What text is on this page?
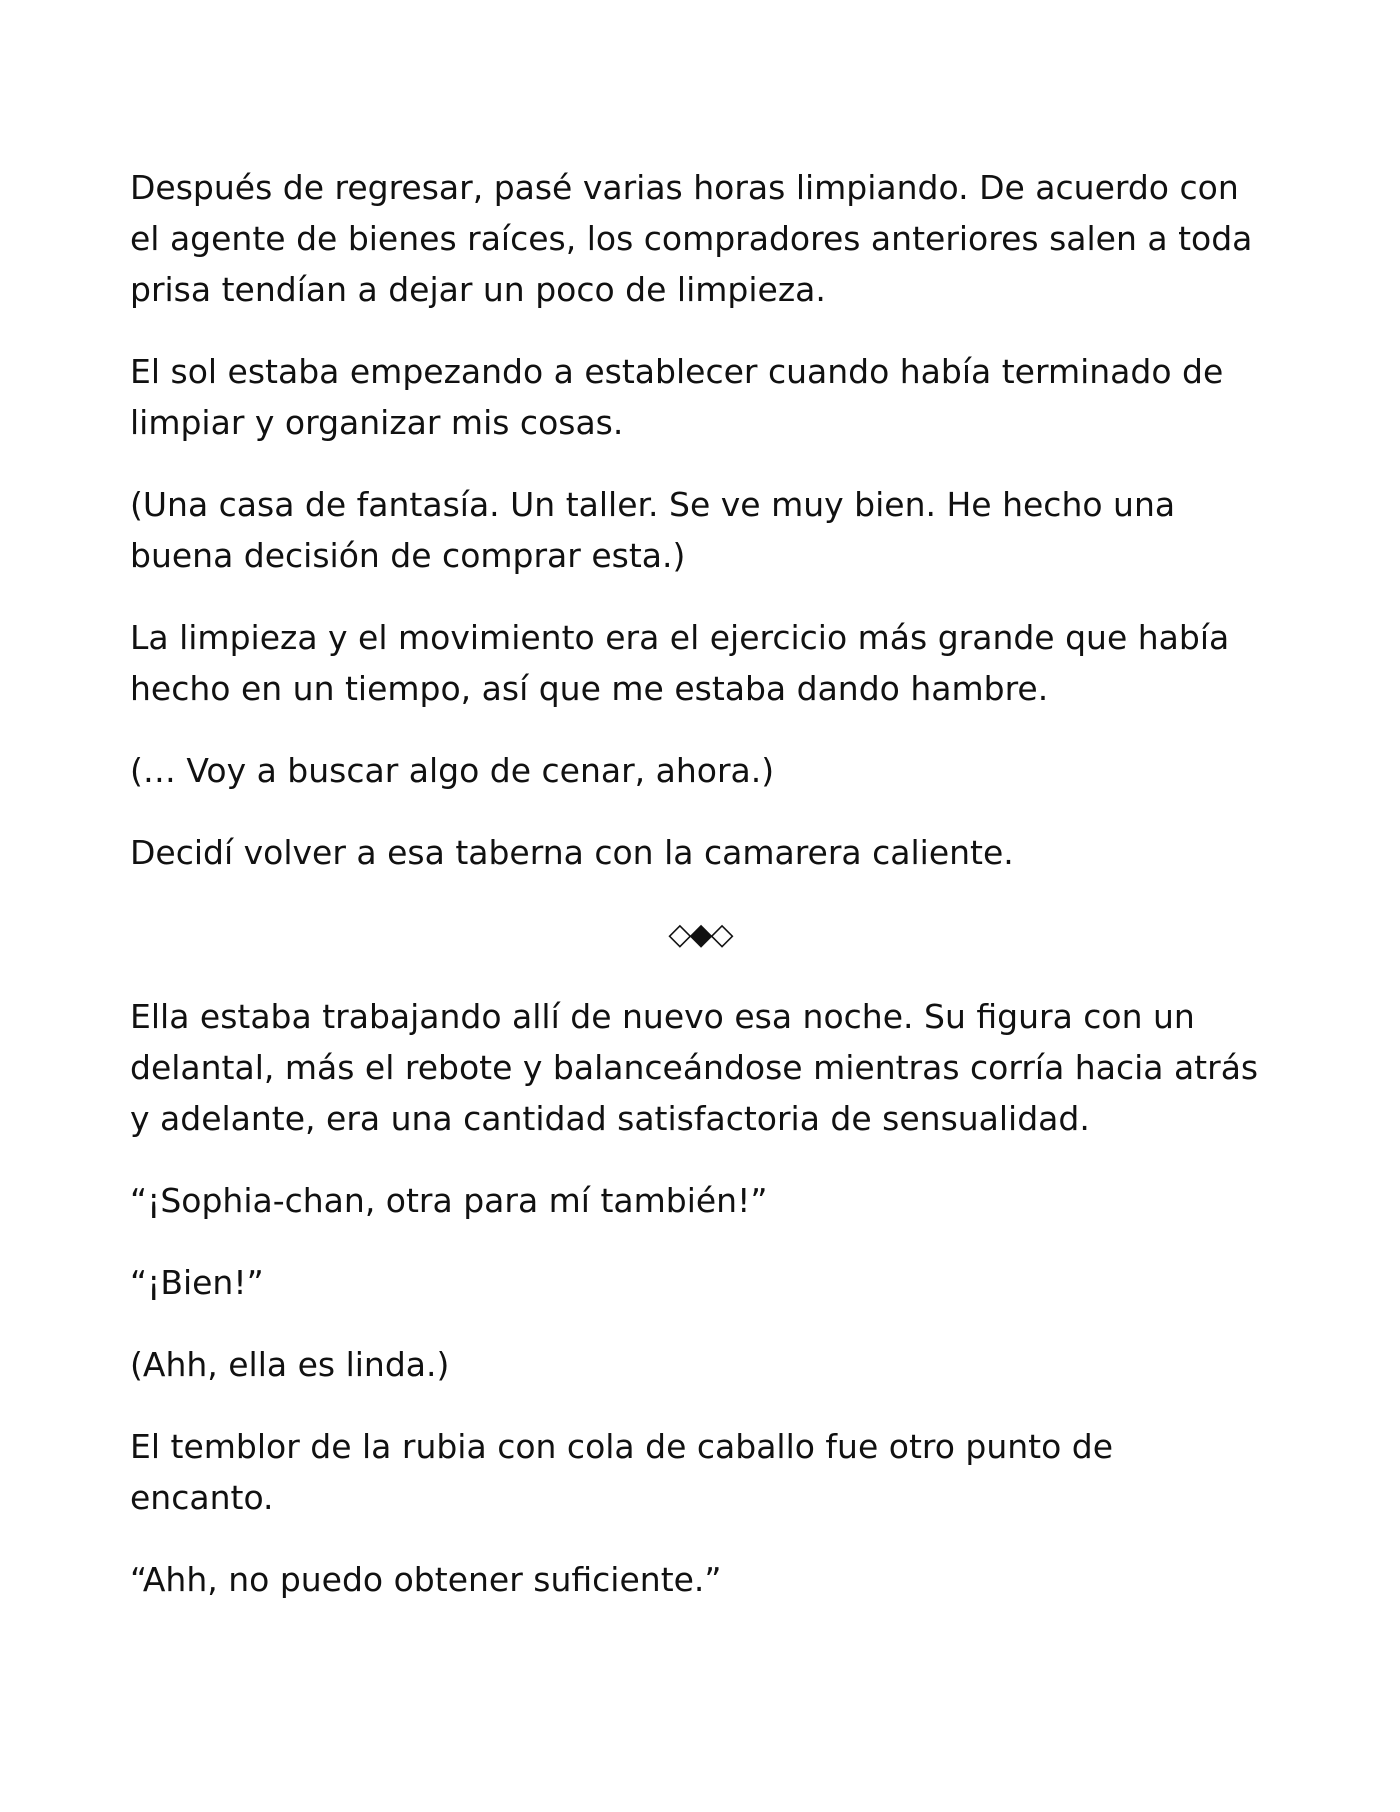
Después de regresar, pasé varias horas limpiando. De acuerdo con
el agente de bienes raíces, los compradores anteriores salen a toda
prisa tendían a dejar un poco de limpieza.

El sol estaba empezando a establecer cuando había terminado de
limpiar y organizar mis cosas.

(Una casa de fantasía. Un taller. Se ve muy bien. He hecho una
buena decisión de comprar esta.)

La limpieza y el movimiento era el ejercicio más grande que había
hecho en un tiempo, así que me estaba dando hambre.

(… Voy a buscar algo de cenar, ahora.)

Decidí volver a esa taberna con la camarera caliente.

◇◆◇

Ella estaba trabajando allí de nuevo esa noche. Su figura con un
delantal, más el rebote y balanceándose mientras corría hacia atrás
y adelante, era una cantidad satisfactoria de sensualidad.

“¡Sophia-chan, otra para mí también!”

“¡Bien!”

(Ahh, ella es linda.)

El temblor de la rubia con cola de caballo fue otro punto de
encanto.

“Ahh, no puedo obtener suficiente.”
